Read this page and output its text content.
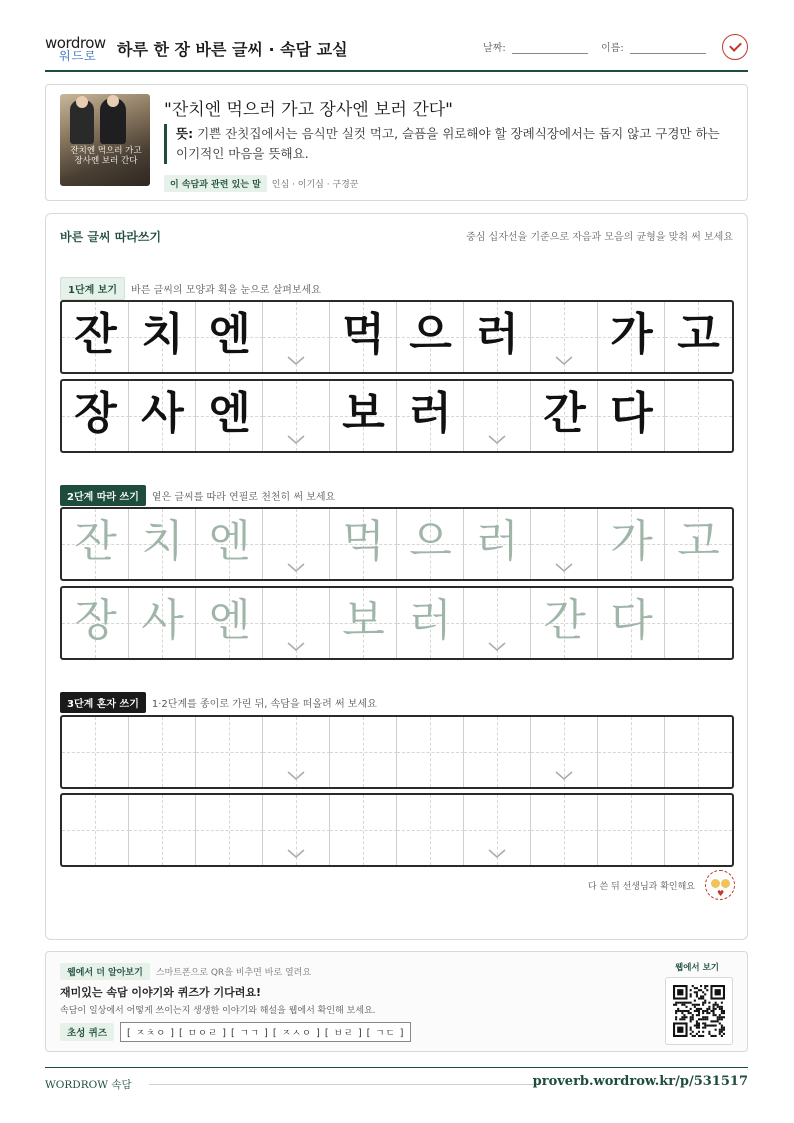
wordrow
워드로 하루 한 장 바른 글씨 · 속담 교실	날짜:	이름:
잔치엔 먹으러 가고 장사엔 보러 간다
"잔치엔 먹으러 가고 장사엔 보러 간다"
뜻: 기쁜 잔칫집에서는 음식만 실컷 먹고, 슬픔을 위로해야 할 장례식장에서는 돕지 않고 구경만 하는 이기적인 마음을 뜻해요.
이 속담과 관련 있는 말 인심 · 이기심 · 구경꾼
바른 글씨 따라쓰기	중심 십자선을 기준으로 자음과 모음의 균형을 맞춰 써 보세요
1단계 보기 바른 글씨의 모양과 획을 눈으로 살펴보세요
잔 치 엔 먹 으 러 가 고
장 사 엔 보 러 간 다
2단계 따라 쓰기 옅은 글씨를 따라 연필로 천천히 써 보세요
잔 치 엔 먹 으 러 가 고
장 사 엔 보 러 간 다
3단계 혼자 쓰기 1·2단계를 종이로 가린 뒤, 속담을 떠올려 써 보세요
다 쓴 뒤 선생님과 확인해요
♥
웹에서 더 알아보기 스마트폰으로 QR을 비추면 바로 열려요
재미있는 속담 이야기와 퀴즈가 기다려요!
속담이 일상에서 어떻게 쓰이는지 생생한 이야기와 해설을 웹에서 확인해 보세요.
초성 퀴즈 [ ㅈㅊㅇ ] [ ㅁㅇㄹ ] [ ㄱㄱ ] [ ㅈㅅㅇ ] [ ㅂㄹ ] [ ㄱㄷ ]
웹에서 보기
WORDROW 속담	proverb.wordrow.kr/p/531517
